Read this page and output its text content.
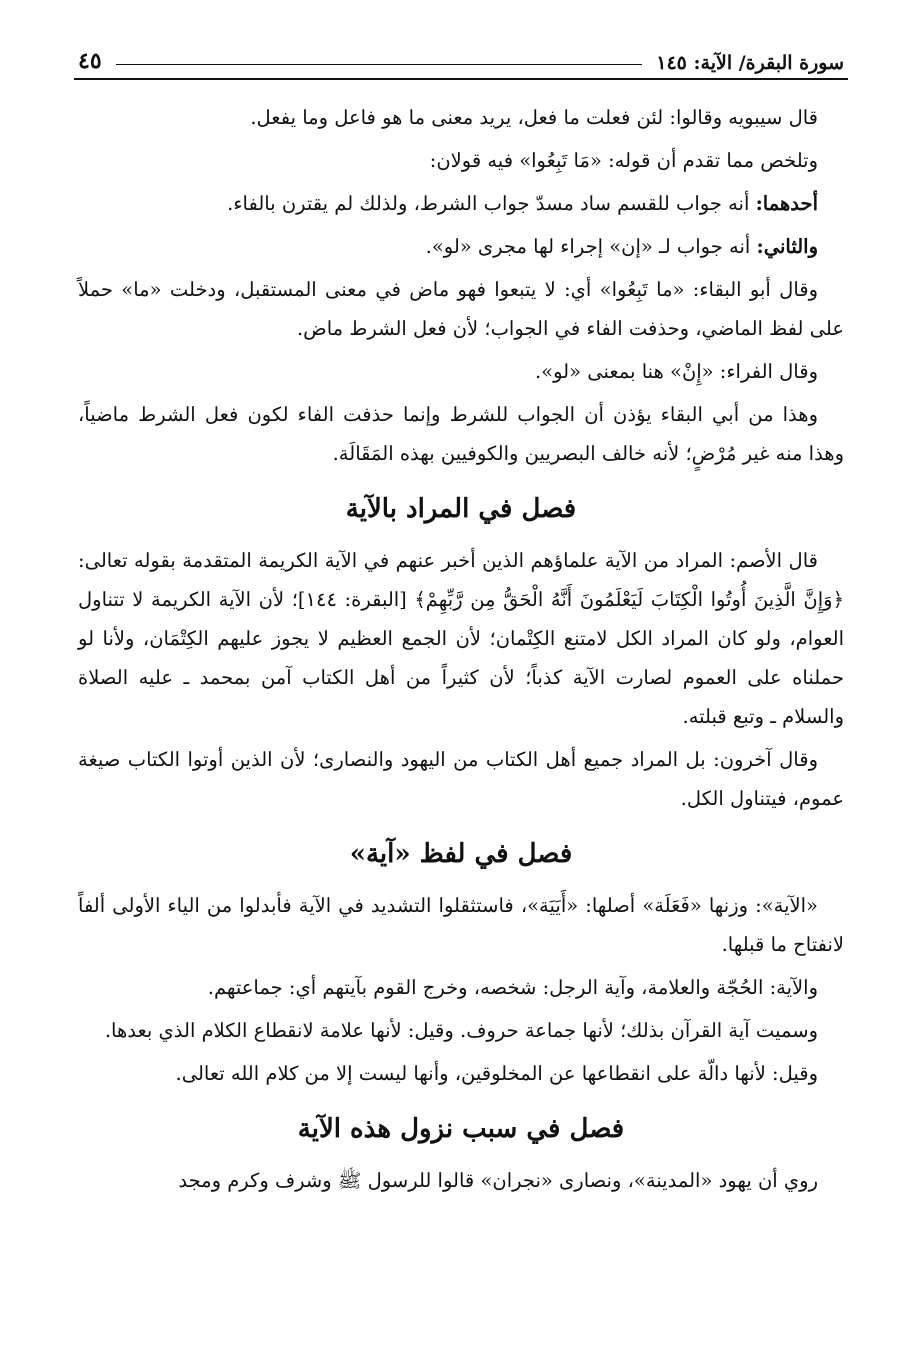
سورة البقرة/ الآية: ١٤٥
٤٥

قال سيبويه وقالوا: لئن فعلت ما فعل، يريد معنى ما هو فاعل وما يفعل.

وتلخص مما تقدم أن قوله: «مَا تَبِعُوا» فيه قولان:

أحدهما: أنه جواب للقسم ساد مسدّ جواب الشرط، ولذلك لم يقترن بالفاء.

والثاني: أنه جواب لـ «إن» إجراء لها مجرى «لو».

وقال أبو البقاء: «ما تَبِعُوا» أي: لا يتبعوا فهو ماض في معنى المستقبل، ودخلت «ما» حملاً على لفظ الماضي، وحذفت الفاء في الجواب؛ لأن فعل الشرط ماض.

وقال الفراء: «إِنْ» هنا بمعنى «لو».

وهذا من أبي البقاء يؤذن أن الجواب للشرط وإنما حذفت الفاء لكون فعل الشرط ماضياً، وهذا منه غير مُرْضٍ؛ لأنه خالف البصريين والكوفيين بهذه المَقَالَة.

فصل في المراد بالآية

قال الأصم: المراد من الآية علماؤهم الذين أخبر عنهم في الآية الكريمة المتقدمة بقوله تعالى: ﴿وَإِنَّ الَّذِينَ أُوتُوا الْكِتَابَ لَيَعْلَمُونَ أَنَّهُ الْحَقُّ مِن رَّبِّهِمْ﴾ [البقرة: ١٤٤]؛ لأن الآية الكريمة لا تتناول العوام، ولو كان المراد الكل لامتنع الكِتْمان؛ لأن الجمع العظيم لا يجوز عليهم الكِتْمَان، ولأنا لو حملناه على العموم لصارت الآية كذباً؛ لأن كثيراً من أهل الكتاب آمن بمحمد ـ عليه الصلاة والسلام ـ وتبع قبلته.

وقال آخرون: بل المراد جميع أهل الكتاب من اليهود والنصارى؛ لأن الذين أوتوا الكتاب صيغة عموم، فيتناول الكل.

فصل في لفظ «آية»

«الآية»: وزنها «فَعَلَة» أصلها: «أَيَيَة»، فاستثقلوا التشديد في الآية فأبدلوا من الياء الأولى ألفاً لانفتاح ما قبلها.

والآية: الحُجّة والعلامة، وآية الرجل: شخصه، وخرج القوم بآيتهم أي: جماعتهم.

وسميت آية القرآن بذلك؛ لأنها جماعة حروف. وقيل: لأنها علامة لانقطاع الكلام الذي بعدها.

وقيل: لأنها دالّة على انقطاعها عن المخلوقين، وأنها ليست إلا من كلام الله تعالى.

فصل في سبب نزول هذه الآية

روي أن يهود «المدينة»، ونصارى «نجران» قالوا للرسول ﷺ وشرف وكرم ومجد
